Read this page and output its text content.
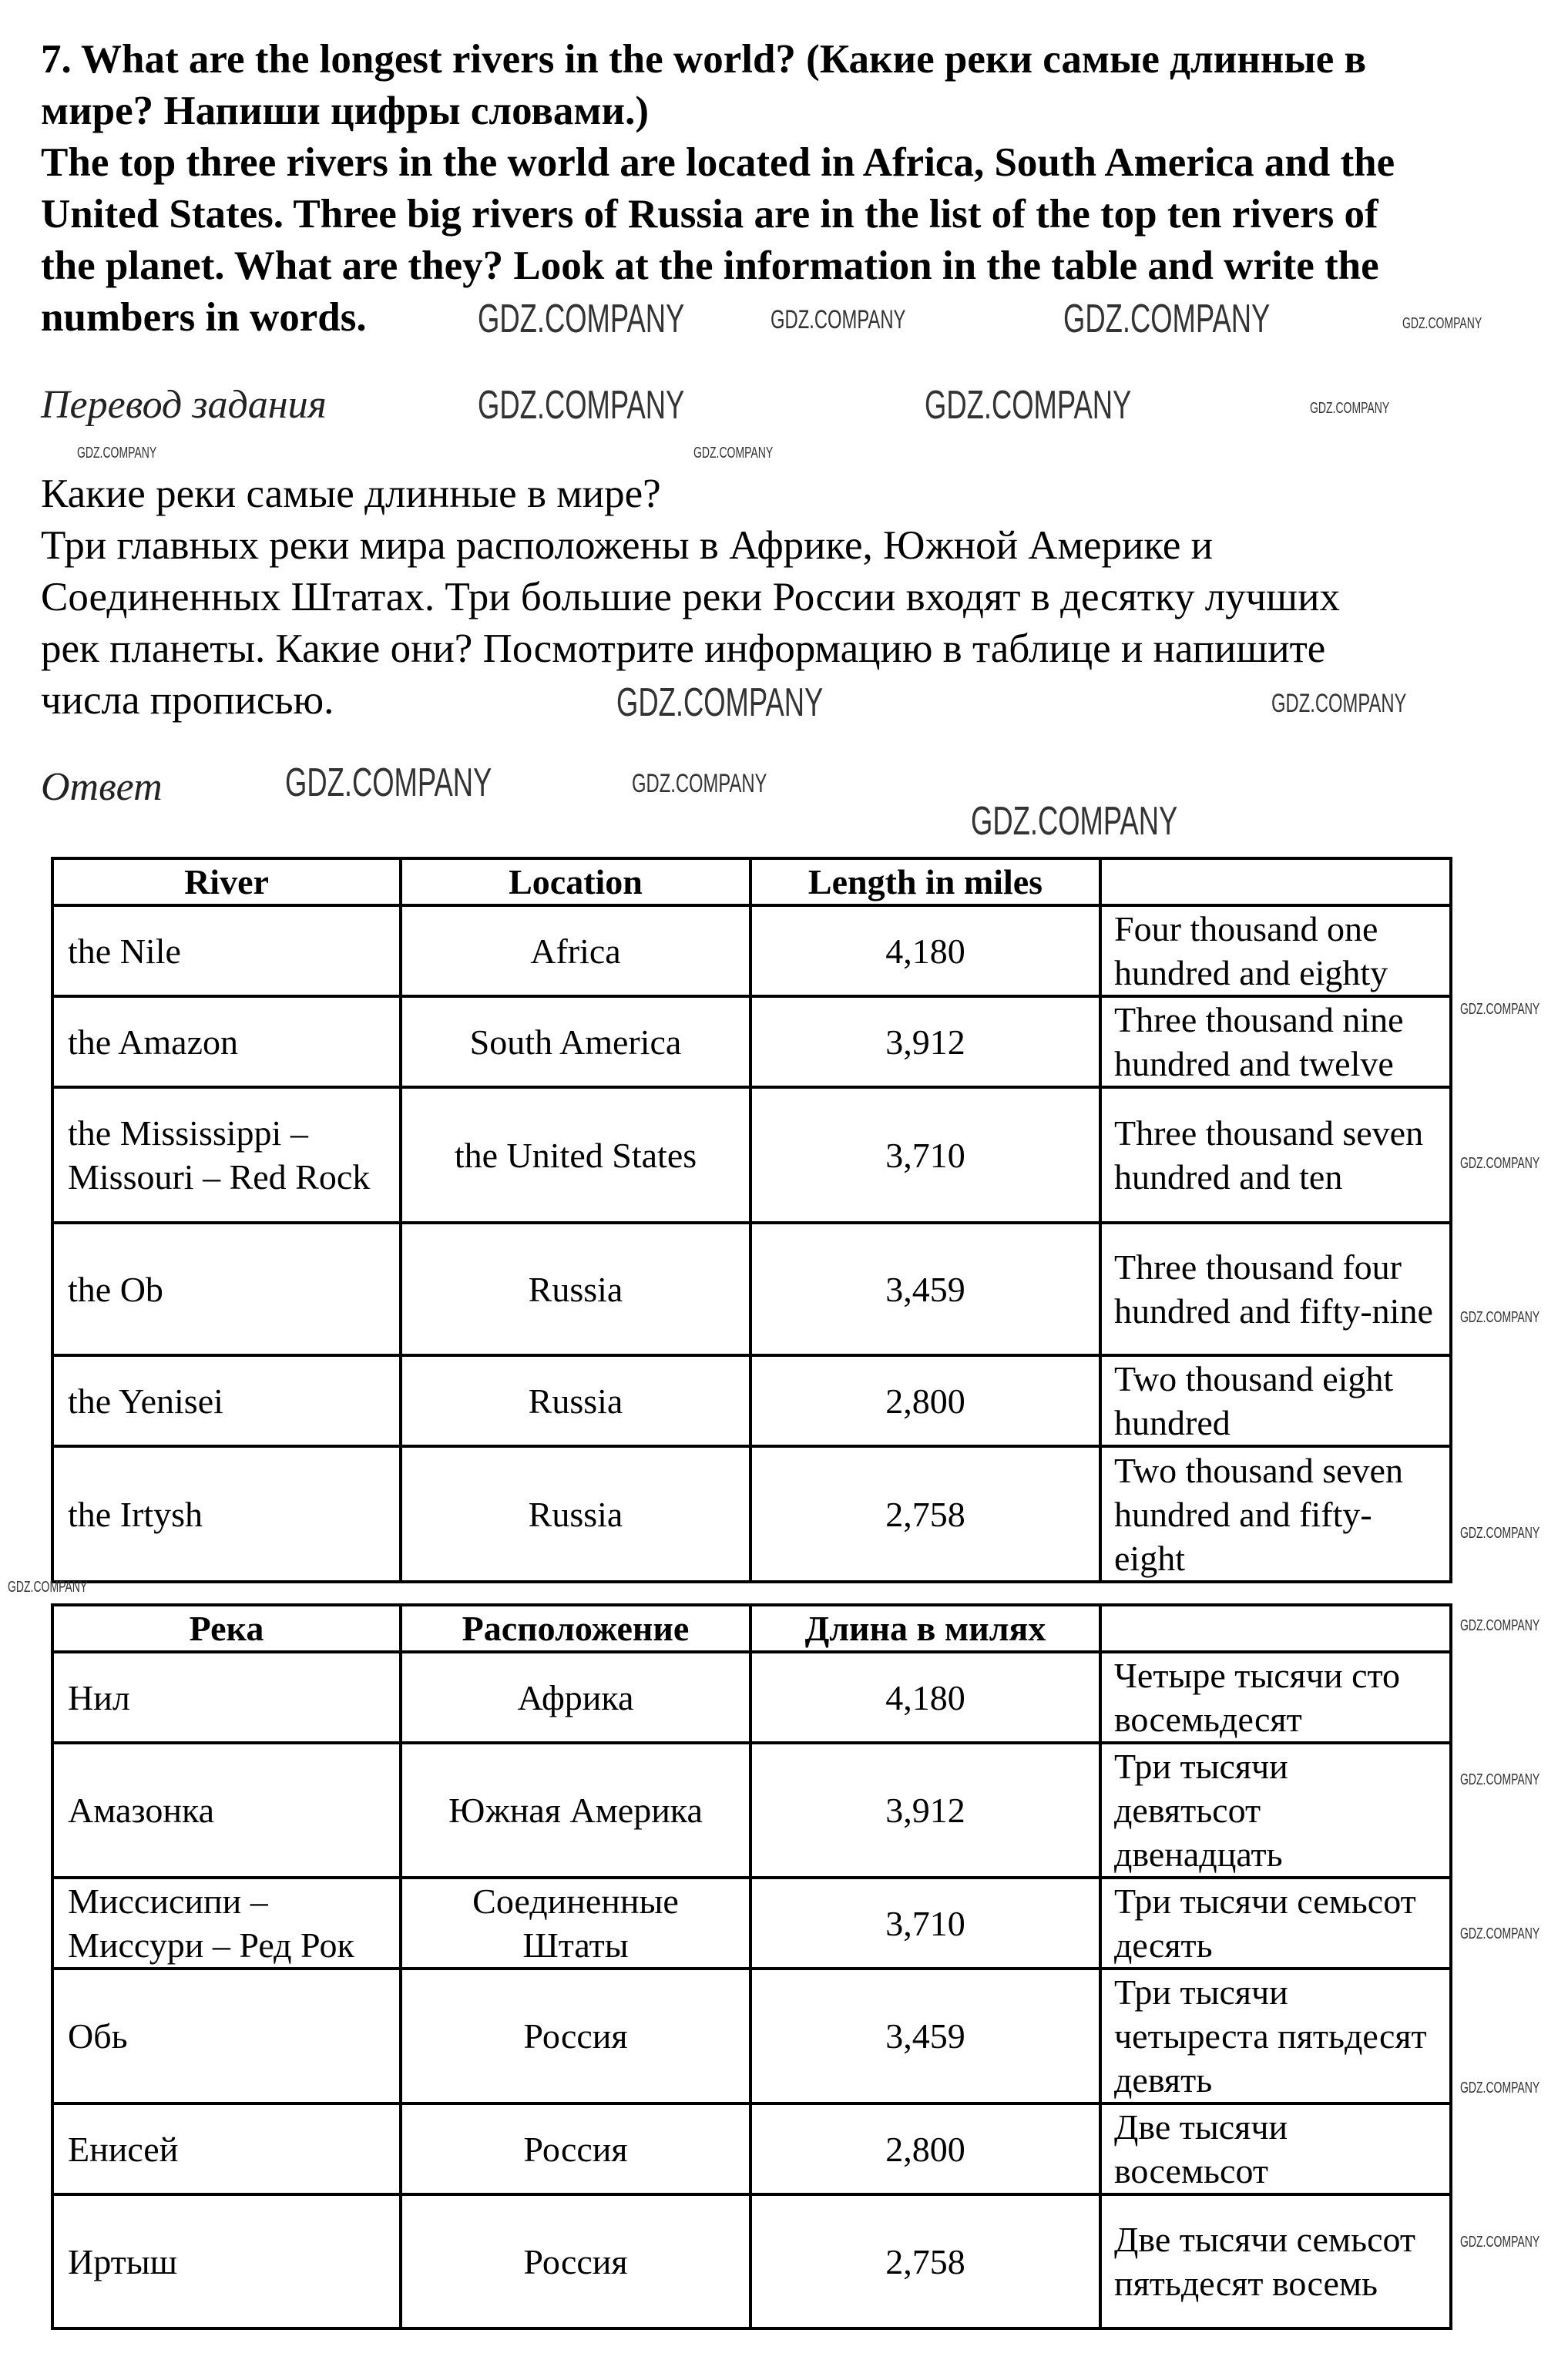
7. What are the longest rivers in the world? (Какие реки самые длинные в
мире? Напиши цифры словами.)
The top three rivers in the world are located in Africa, South America and the
United States. Three big rivers of Russia are in the list of the top ten rivers of
the planet. What are they? Look at the information in the table and write the
numbers in words.
Перевод задания
Какие реки самые длинные в мире?
Три главных реки мира расположены в Африке, Южной Америке и
Соединенных Штатах. Три большие реки России входят в десятку лучших
рек планеты. Какие они? Посмотрите информацию в таблице и напишите
числа прописью.
Ответ
River	Location	Length in miles	
the Nile	Africa	4,180	Four thousand one hundred and eighty
the Amazon	South America	3,912	Three thousand nine hundred and twelve
the Mississippi – Missouri – Red Rock	the United States	3,710	Three thousand seven hundred and ten
the Ob	Russia	3,459	Three thousand four hundred and fifty-nine
the Yenisei	Russia	2,800	Two thousand eight hundred
the Irtysh	Russia	2,758	Two thousand seven hundred and fifty-eight
Река	Расположение	Длина в милях	
Нил	Африка	4,180	Четыре тысячи сто восемьдесят
Амазонка	Южная Америка	3,912	Три тысячи девятьсот двенадцать
Миссисипи – Миссури – Ред Рок	Соединенные Штаты	3,710	Три тысячи семьсот десять
Обь	Россия	3,459	Три тысячи четыреста пятьдесят девять
Енисей	Россия	2,800	Две тысячи восемьсот
Иртыш	Россия	2,758	Две тысячи семьсот пятьдесят восемь
GDZ.COMPANY	GDZ.COMPANY	GDZ.COMPANY	GDZ.COMPANY
GDZ.COMPANY	GDZ.COMPANY	GDZ.COMPANY
GDZ.COMPANY	GDZ.COMPANY
GDZ.COMPANY	GDZ.COMPANY
GDZ.COMPANY	GDZ.COMPANY
GDZ.COMPANY
GDZ.COMPANY
GDZ.COMPANY
GDZ.COMPANY
GDZ.COMPANY
GDZ.COMPANY
GDZ.COMPANY
GDZ.COMPANY
GDZ.COMPANY
GDZ.COMPANY
GDZ.COMPANY
